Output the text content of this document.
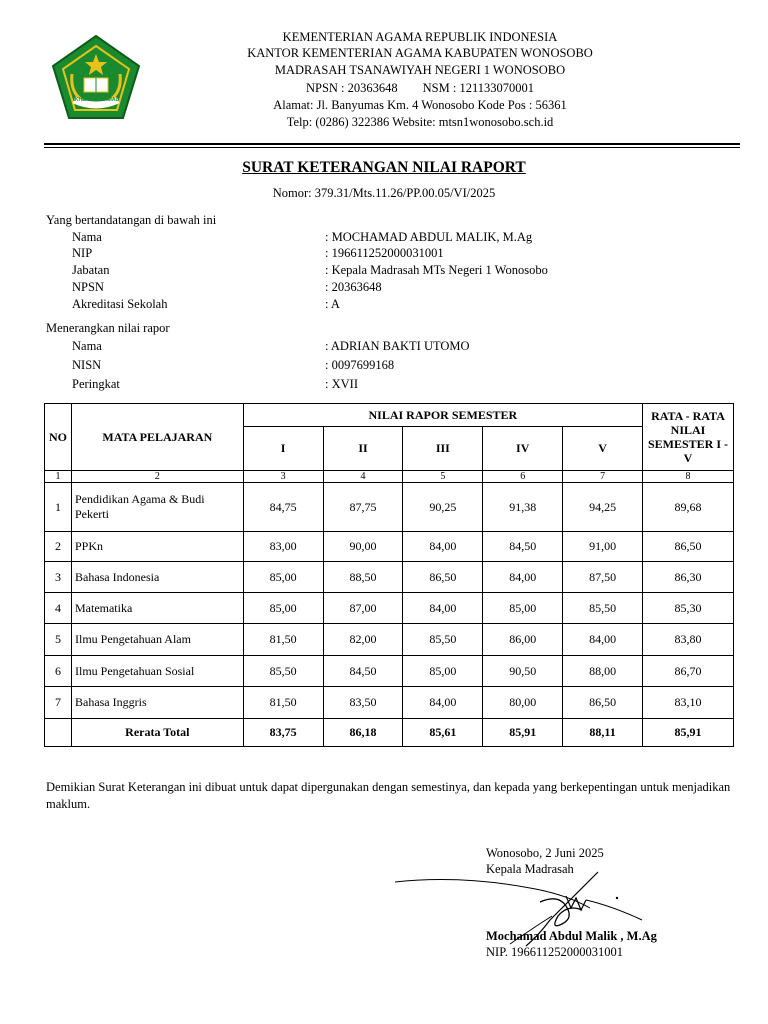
IKHLAS BERAMAL
KEMENTERIAN AGAMA REPUBLIK INDONESIA
KANTOR KEMENTERIAN AGAMA KABUPATEN WONOSOBO
MADRASAH TSANAWIYAH NEGERI 1 WONOSOBO
NPSN : 20363648        NSM : 121133070001
Alamat: Jl. Banyumas Km. 4 Wonosobo Kode Pos : 56361
Telp: (0286) 322386 Website: mtsn1wonosobo.sch.id
SURAT KETERANGAN NILAI RAPORT
Nomor: 379.31/Mts.11.26/PP.00.05/VI/2025
Yang bertandatangan di bawah ini
Nama	: MOCHAMAD ABDUL MALIK, M.Ag
NIP	: 196611252000031001
Jabatan	: Kepala Madrasah MTs Negeri 1 Wonosobo
NPSN	: 20363648
Akreditasi Sekolah	: A
Menerangkan nilai rapor
Nama	: ADRIAN BAKTI UTOMO
NISN	: 0097699168
Peringkat	: XVII
NO	MATA PELAJARAN	NILAI RAPOR SEMESTER					RATA - RATA NILAI SEMESTER I - V
		I	II	III	IV	V	
1	2	3	4	5	6	7	8
1	Pendidikan Agama & Budi Pekerti	84,75	87,75	90,25	91,38	94,25	89,68
2	PPKn	83,00	90,00	84,00	84,50	91,00	86,50
3	Bahasa Indonesia	85,00	88,50	86,50	84,00	87,50	86,30
4	Matematika	85,00	87,00	84,00	85,00	85,50	85,30
5	Ilmu Pengetahuan Alam	81,50	82,00	85,50	86,00	84,00	83,80
6	Ilmu Pengetahuan Sosial	85,50	84,50	85,00	90,50	88,00	86,70
7	Bahasa Inggris	81,50	83,50	84,00	80,00	86,50	83,10
	Rerata Total	83,75	86,18	85,61	85,91	88,11	85,91
Demikian Surat Keterangan ini dibuat untuk dapat dipergunakan dengan semestinya, dan kepada yang berkepentingan untuk menjadikan maklum.
Wonosobo, 2 Juni 2025
Kepala Madrasah
Mochamad Abdul Malik , M.Ag
NIP. 196611252000031001
